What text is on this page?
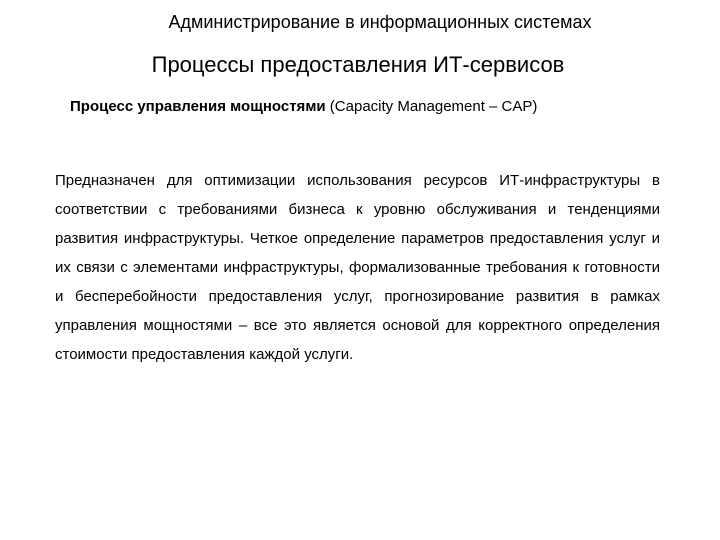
Администрирование в информационных системах
Процессы предоставления ИТ-сервисов
Процесс управления мощностями (Capacity Management – CAP)

Предназначен для оптимизации использования ресурсов ИТ-инфраструктуры в соответствии с требованиями бизнеса к уровню обслуживания и тенденциями развития инфраструктуры. Четкое определение параметров предоставления услуг и их связи с элементами инфраструктуры, формализованные требования к готовности и бесперебойности предоставления услуг, прогнозирование развития в рамках управления мощностями – все это является основой для корректного определения стоимости предоставления каждой услуги.
